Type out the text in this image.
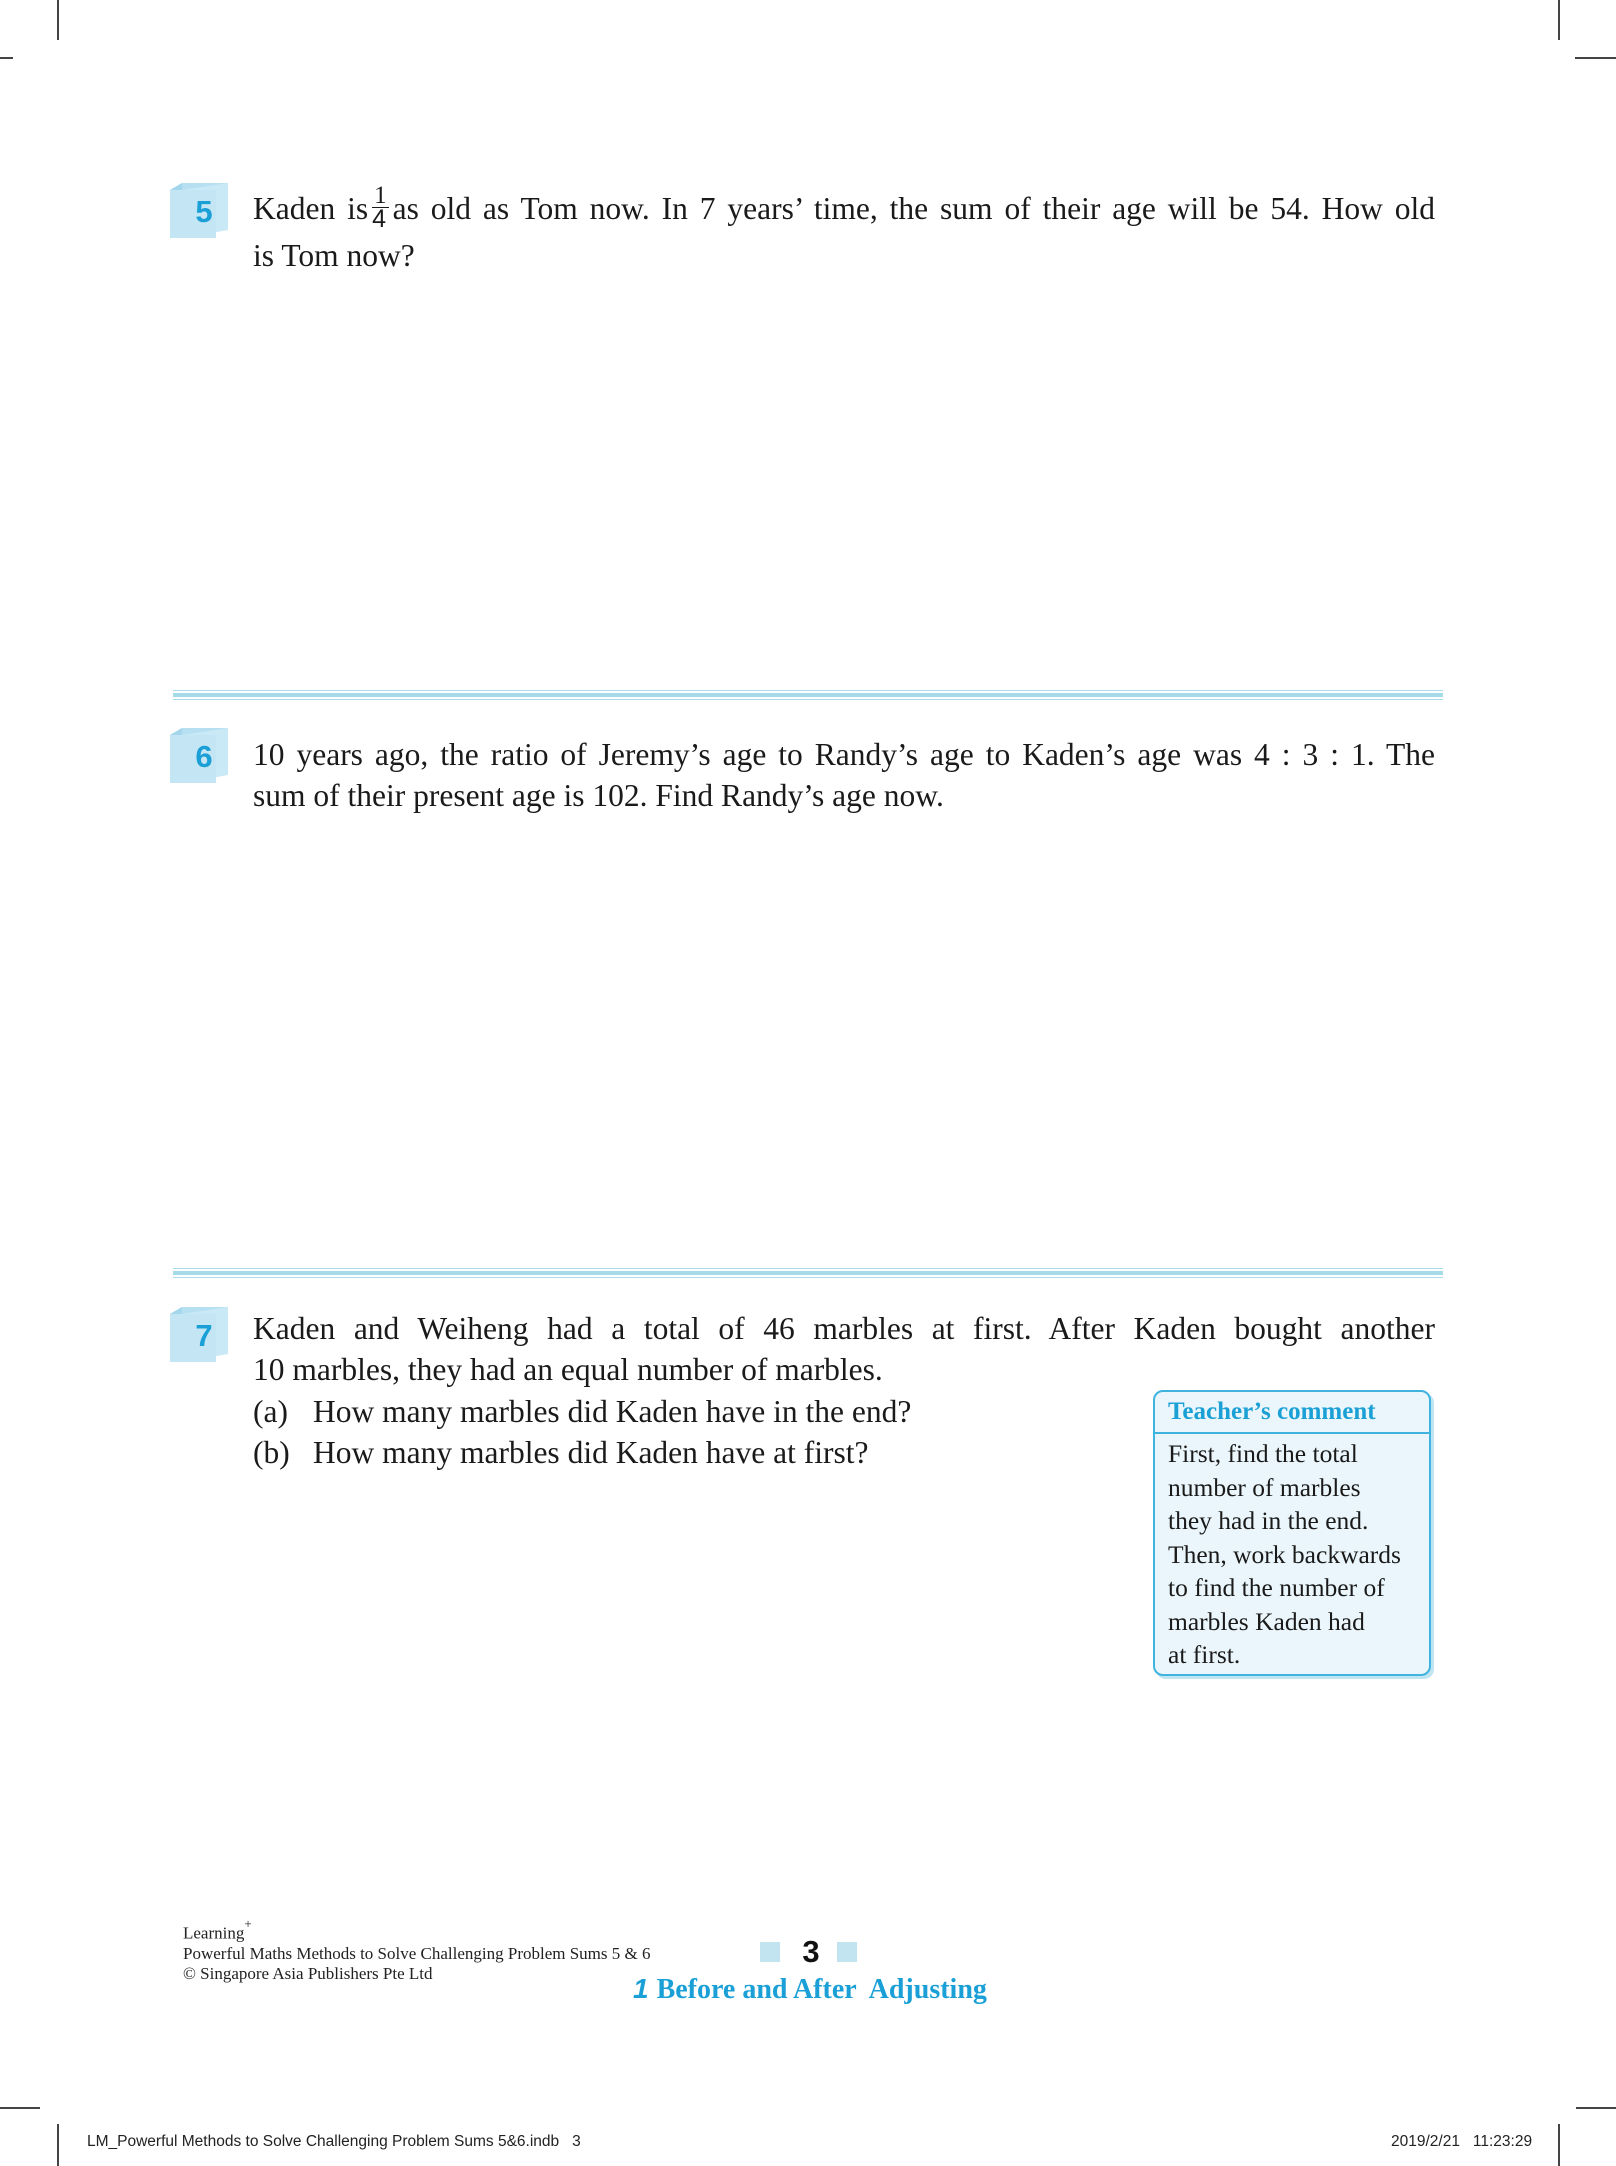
5 Kaden is $\frac{1}{4}$ as old as Tom now. In 7 years’ time, the sum of their age will be 54. How old

is Tom now?

6 10 years ago, the ratio of Jeremy’s age to Randy’s age to Kaden’s age was 4 : 3 : 1. The

sum of their present age is 102. Find Randy’s age now.

7 Kaden and Weiheng had a total of 46 marbles at first. After Kaden bought another

10 marbles, they had an equal number of marbles.

(a) How many marbles did Kaden have in the end?
(b) How many marbles did Kaden have at first?
Teacher’s comment
First, find the total
number of marbles
they had in the end.
Then, work backwards
to find the number of
marbles Kaden had
at first.
Learning+
Powerful Maths Methods to Solve Challenging Problem Sums 5 & 6
© Singapore Asia Publishers Pte Ltd
3
1 Before and After  Adjusting
LM_Powerful Methods to Solve Challenging Problem Sums 5&6.indb   3	2019/2/21   11:23:29
